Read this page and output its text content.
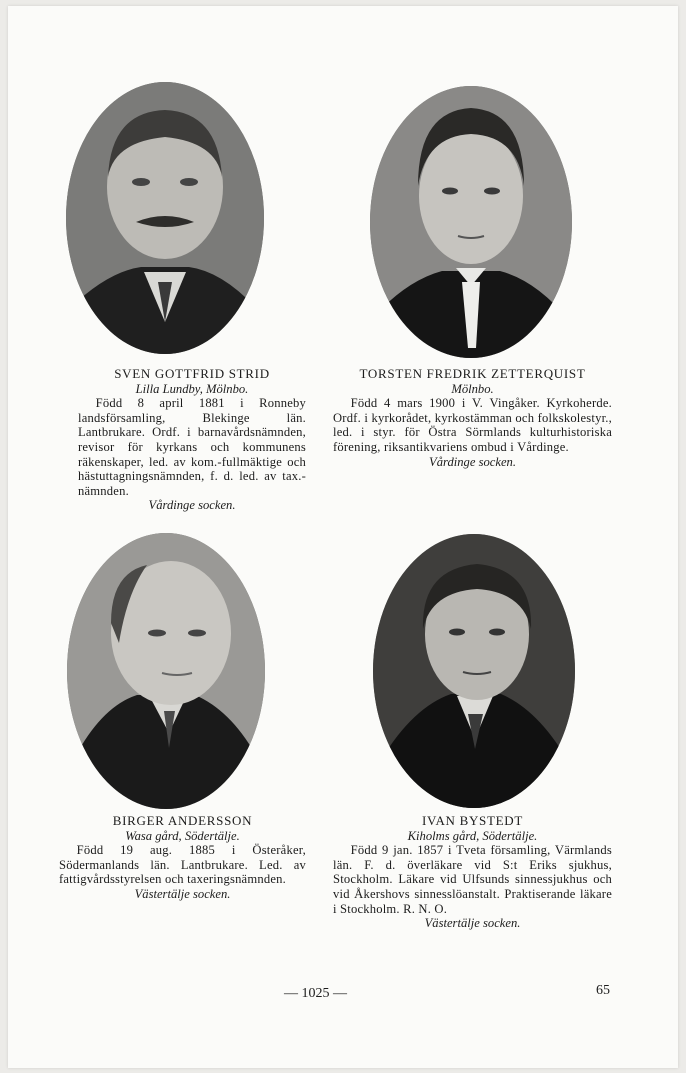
SVEN GOTTFRID STRID
Lilla Lundby, Mölnbo.
Född 8 april 1881 i Ronneby landsförsamling, Blekinge län. Lantbrukare. Ordf. i barnavårdsnämnden, revisor för kyrkans och kommunens räkenskaper, led. av kom.-fullmäktige och hästuttagningsnämnden, f. d. led. av tax.-nämnden.
Vårdinge socken.
TORSTEN FREDRIK ZETTERQUIST
Mölnbo.
Född 4 mars 1900 i V. Vingåker. Kyrkoherde. Ordf. i kyrkorådet, kyrkostämman och folkskolestyr., led. i styr. för Östra Sörmlands kulturhistoriska förening, riksantikvariens ombud i Vårdinge.
Vårdinge socken.
BIRGER ANDERSSON
Wasa gård, Södertälje.
Född 19 aug. 1885 i Österåker, Södermanlands län. Lantbrukare. Led. av fattigvårdsstyrelsen och taxeringsnämnden.
Västertälje socken.
IVAN BYSTEDT
Kiholms gård, Södertälje.
Född 9 jan. 1857 i Tveta församling, Värmlands län. F. d. överläkare vid S:t Eriks sjukhus, Stockholm. Läkare vid Ulfsunds sinnessjukhus och vid Åkershovs sinnesslöanstalt. Praktiserande läkare i Stockholm. R. N. O.
Västertälje socken.
— 1025 —	65
